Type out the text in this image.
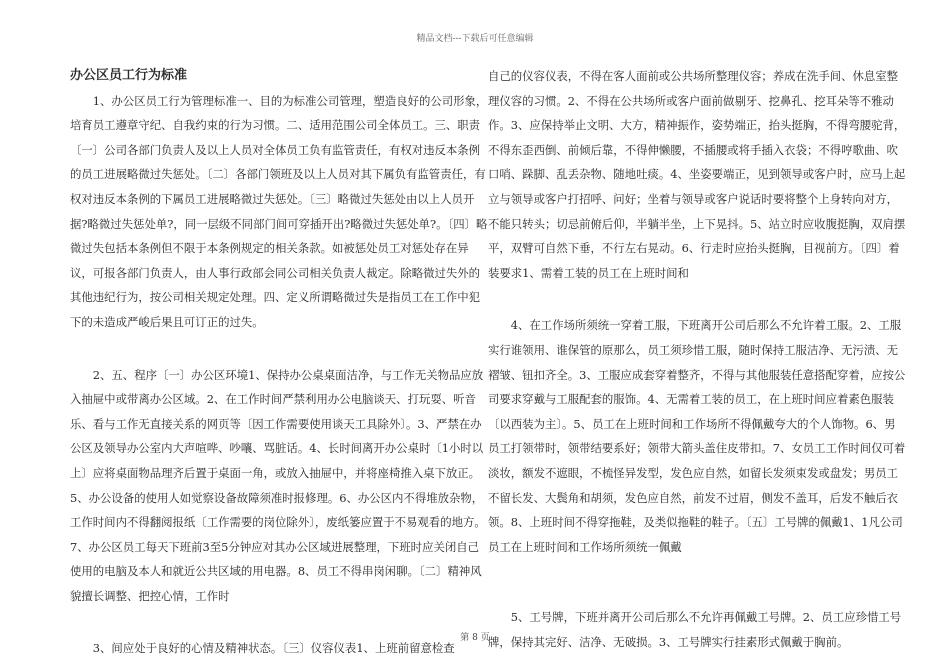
精品文档---下载后可任意编辑
办公区员工行为标准
　　1、办公区员工行为管理标准一、目的为标准公司管理，塑造良好的公司形象，培育员工遵章守纪、自我约束的行为习惯。二、适用范围公司全体员工。三、职责〔一〕公司各部门负责人及以上人员对全体员工负有监管责任，有权对违反本条例的员工进展略微过失惩处。〔二〕各部门领班及以上人员对其下属负有监管责任，有权对违反本条例的下属员工进展略微过失惩处。〔三〕略微过失惩处由以上人员开据?略微过失惩处单?，同一层级不同部门间可穿插开出?略微过失惩处单?。〔四〕略微过失包括本条例但不限于本条例规定的相关条款。如被惩处员工对惩处存在异议，可报各部门负责人，由人事行政部会同公司相关负责人裁定。除略微过失外的其他违纪行为，按公司相关规定处理。四、定义所谓略微过失是指员工在工作中犯下的未造成严峻后果且可订正的过失。
　　2、五、程序〔一〕办公区环境1、保持办公桌桌面洁净，与工作无关物品应放入抽屉中或带离办公区域。2、在工作时间严禁利用办公电脑谈天、打玩耍、听音乐、看与工作无直接关系的网页等〔因工作需要使用谈天工具除外〕。3、严禁在办公区及领导办公室内大声喧哗、吵嚷、骂脏话。4、长时间离开办公桌时〔1小时以上〕应将桌面物品理齐后置于桌面一角，或放入抽屉中，并将座椅推入桌下放正。5、办公设备的使用人如觉察设备故障须准时报修理。6、办公区内不得堆放杂物，工作时间内不得翻阅报纸〔工作需要的岗位除外〕，废纸篓应置于不易观看的地方。7、办公区员工每天下班前3至5分钟应对其办公区域进展整理，下班时应关闭自己使用的电脑及本人和就近公共区域的用电器。8、员工不得串岗闲聊。〔二〕精神风貌擅长调整、把控心情，工作时
　　3、间应处于良好的心情及精神状态。〔三〕仪容仪表1、上班前留意检查
自己的仪容仪表，不得在客人面前或公共场所整理仪容；养成在洗手间、休息室整理仪容的习惯。2、不得在公共场所或客户面前做剔牙、挖鼻孔、挖耳朵等不雅动作。3、应保持举止文明、大方，精神振作，姿势端正，抬头挺胸，不得弯腰驼背，不得东歪西倒、前倾后靠，不得伸懒腰，不插腰或将手插入衣袋；不得哼歌曲、吹口哨、跺脚、乱丢杂物、随地吐痰。4、坐姿要端正，见到领导或客户时，应马上起立与领导或客户打招呼、问好；坐着与领导或客户说话时要将整个上身转向对方，不能只转头；切忌前俯后仰，半躺半坐，上下晃抖。5、站立时应收腹挺胸，双肩摆平，双臂可自然下垂，不行左右晃动。6、行走时应抬头挺胸，目视前方。〔四〕着装要求1、需着工装的员工在上班时间和
　　4、在工作场所须统一穿着工服，下班离开公司后那么不允许着工服。2、工服实行谁领用、谁保管的原那么，员工须珍惜工服，随时保持工服洁净、无污渍、无褶皱、钮扣齐全。3、工服应成套穿着整齐，不得与其他服装任意搭配穿着，应按公司要求穿戴与工服配套的服饰。4、无需着工装的员工，在上班时间应着素色服装〔以西装为主〕。5、员工在上班时间和工作场所不得佩戴夸大的个人饰物。6、男员工打领带时，领带结要系好；领带大箭头盖住皮带扣。7、女员工工作时间仅可着淡妆，额发不遮眼，不梳怪异发型，发色应自然，如留长发须束发或盘发；男员工不留长发、大鬓角和胡须，发色应自然，前发不过眉，侧发不盖耳，后发不触后衣领。8、上班时间不得穿拖鞋，及类似拖鞋的鞋子。〔五〕工号牌的佩戴1、1凡公司员工在上班时间和工作场所须统一佩戴
　　5、工号牌，下班并离开公司后那么不允许再佩戴工号牌。2、员工应珍惜工号牌，保持其完好、洁净、无破损。3、工号牌实行挂素形式佩戴于胸前。
第 8 页
